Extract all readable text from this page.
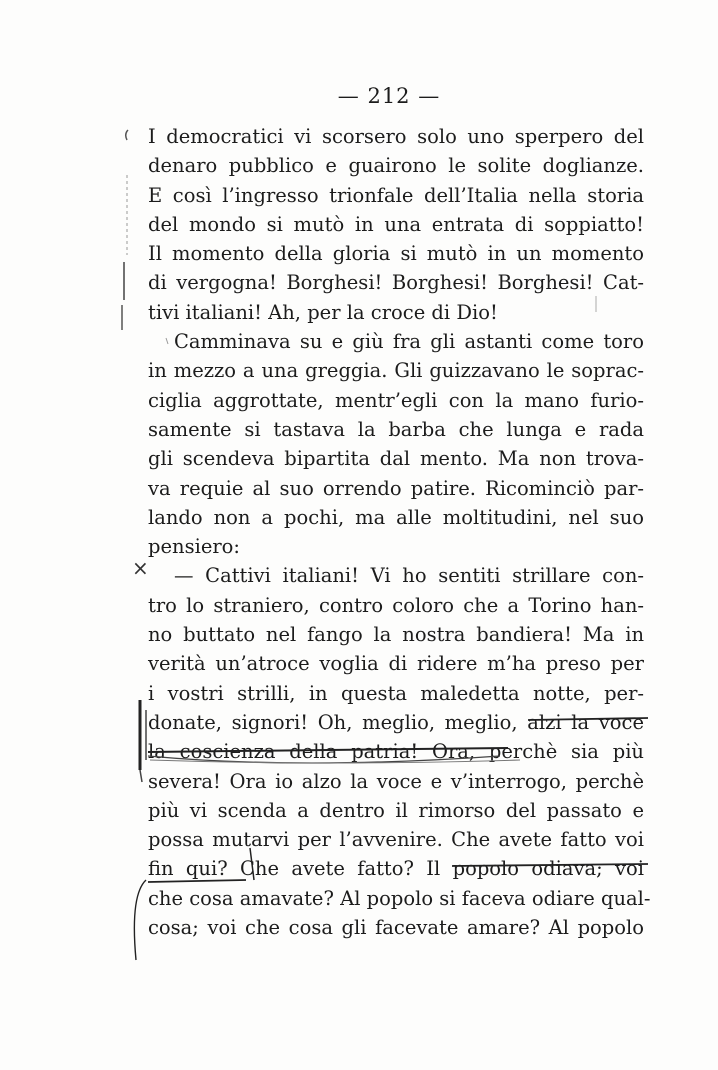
— 212 —
I democratici vi scorsero solo uno sperpero del
denaro pubblico e guairono le solite doglianze.
E così l’ingresso trionfale dell’Italia nella storia
del mondo si mutò in una entrata di soppiatto!
Il momento della gloria si mutò in un momento
di vergogna! Borghesi! Borghesi! Borghesi! Cat-
tivi italiani! Ah, per la croce di Dio!
Camminava su e giù fra gli astanti come toro
in mezzo a una greggia. Gli guizzavano le soprac-
ciglia aggrottate, mentr’egli con la mano furio-
samente si tastava la barba che lunga e rada
gli scendeva bipartita dal mento. Ma non trova-
va requie al suo orrendo patire. Ricominciò par-
lando non a pochi, ma alle moltitudini, nel suo
pensiero:
— Cattivi italiani! Vi ho sentiti strillare con-
tro lo straniero, contro coloro che a Torino han-
no buttato nel fango la nostra bandiera! Ma in
verità un’atroce voglia di ridere m’ha preso per
i vostri strilli, in questa maledetta notte, per-
donate, signori! Oh, meglio, meglio, alzi la voce
la coscienza della patria! Ora, perchè sia più
severa! Ora io alzo la voce e v’interrogo, perchè
più vi scenda a dentro il rimorso del passato e
possa mutarvi per l’avvenire. Che avete fatto voi
fin qui? Che avete fatto? Il popolo odiava; voi
che cosa amavate? Al popolo si faceva odiare qual-
cosa; voi che cosa gli facevate amare? Al popolo
×
